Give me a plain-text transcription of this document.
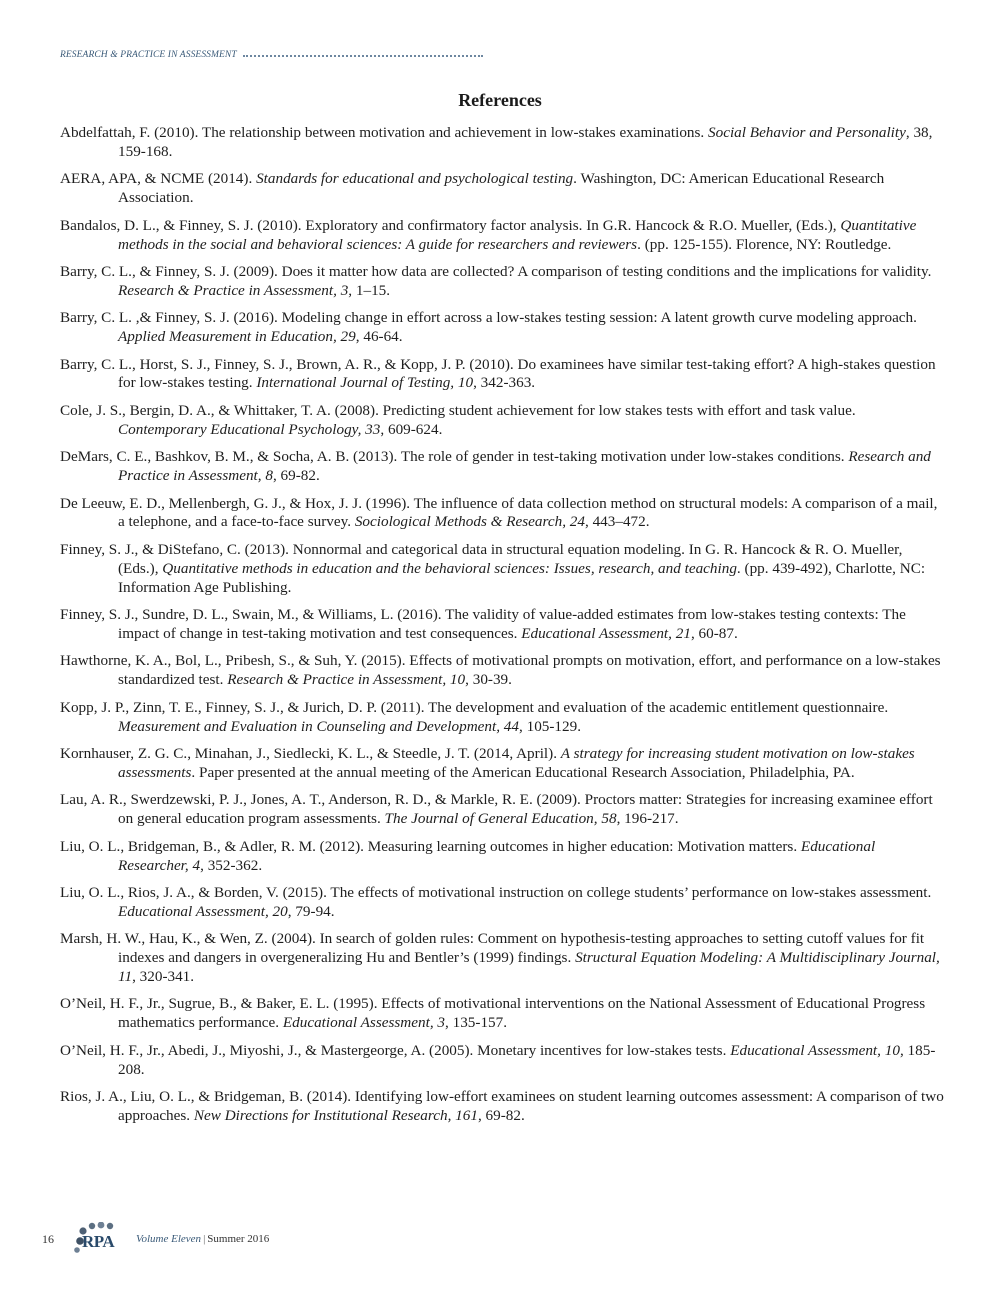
RESEARCH & PRACTICE IN ASSESSMENT
References

Abdelfattah, F. (2010). The relationship between motivation and achievement in low-stakes examinations. Social Behavior and Personality, 38, 159-168.

AERA, APA, & NCME (2014). Standards for educational and psychological testing. Washington, DC: American Educational Research Association.

Bandalos, D. L., & Finney, S. J. (2010). Exploratory and confirmatory factor analysis. In G.R. Hancock & R.O. Mueller, (Eds.), Quantitative methods in the social and behavioral sciences: A guide for researchers and reviewers. (pp. 125-155). Florence, NY: Routledge.

Barry, C. L., & Finney, S. J. (2009). Does it matter how data are collected? A comparison of testing conditions and the implications for validity. Research & Practice in Assessment, 3, 1–15.

Barry, C. L. ,& Finney, S. J. (2016). Modeling change in effort across a low-stakes testing session: A latent growth curve modeling approach. Applied Measurement in Education, 29, 46-64.

Barry, C. L., Horst, S. J., Finney, S. J., Brown, A. R., & Kopp, J. P. (2010). Do examinees have similar test-taking effort? A high-stakes question for low-stakes testing. International Journal of Testing, 10, 342-363.

Cole, J. S., Bergin, D. A., & Whittaker, T. A. (2008). Predicting student achievement for low stakes tests with effort and task value. Contemporary Educational Psychology, 33, 609-624.

DeMars, C. E., Bashkov, B. M., & Socha, A. B. (2013). The role of gender in test-taking motivation under low-stakes conditions. Research and Practice in Assessment, 8, 69-82.

De Leeuw, E. D., Mellenbergh, G. J., & Hox, J. J. (1996). The influence of data collection method on structural models: A comparison of a mail, a telephone, and a face-to-face survey. Sociological Methods & Research, 24, 443–472.

Finney, S. J., & DiStefano, C. (2013). Nonnormal and categorical data in structural equation modeling. In G. R. Hancock & R. O. Mueller, (Eds.), Quantitative methods in education and the behavioral sciences: Issues, research, and teaching. (pp. 439-492), Charlotte, NC: Information Age Publishing.

Finney, S. J., Sundre, D. L., Swain, M., & Williams, L. (2016). The validity of value-added estimates from low-stakes testing contexts: The impact of change in test-taking motivation and test consequences. Educational Assessment, 21, 60-87.

Hawthorne, K. A., Bol, L., Pribesh, S., & Suh, Y. (2015). Effects of motivational prompts on motivation, effort, and performance on a low-stakes standardized test. Research & Practice in Assessment, 10, 30-39.

Kopp, J. P., Zinn, T. E., Finney, S. J., & Jurich, D. P. (2011). The development and evaluation of the academic entitlement questionnaire. Measurement and Evaluation in Counseling and Development, 44, 105-129.

Kornhauser, Z. G. C., Minahan, J., Siedlecki, K. L., & Steedle, J. T. (2014, April). A strategy for increasing student motivation on low-stakes assessments. Paper presented at the annual meeting of the American Educational Research Association, Philadelphia, PA.

Lau, A. R., Swerdzewski, P. J., Jones, A. T., Anderson, R. D., & Markle, R. E. (2009). Proctors matter: Strategies for increasing examinee effort on general education program assessments. The Journal of General Education, 58, 196-217.

Liu, O. L., Bridgeman, B., & Adler, R. M. (2012). Measuring learning outcomes in higher education: Motivation matters. Educational Researcher, 4, 352-362.

Liu, O. L., Rios, J. A., & Borden, V. (2015). The effects of motivational instruction on college students’ performance on low-stakes assessment. Educational Assessment, 20, 79-94.

Marsh, H. W., Hau, K., & Wen, Z. (2004). In search of golden rules: Comment on hypothesis-testing approaches to setting cutoff values for fit indexes and dangers in overgeneralizing Hu and Bentler’s (1999) findings. Structural Equation Modeling: A Multidisciplinary Journal, 11, 320-341.

O’Neil, H. F., Jr., Sugrue, B., & Baker, E. L. (1995). Effects of motivational interventions on the National Assessment of Educational Progress mathematics performance. Educational Assessment, 3, 135-157.

O’Neil, H. F., Jr., Abedi, J., Miyoshi, J., & Mastergeorge, A. (2005). Monetary incentives for low-stakes tests. Educational Assessment, 10, 185-208.

Rios, J. A., Liu, O. L., & Bridgeman, B. (2014). Identifying low-effort examinees on student learning outcomes assessment: A comparison of two approaches. New Directions for Institutional Research, 161, 69-82.

16	RPA Volume Eleven | Summer 2016
